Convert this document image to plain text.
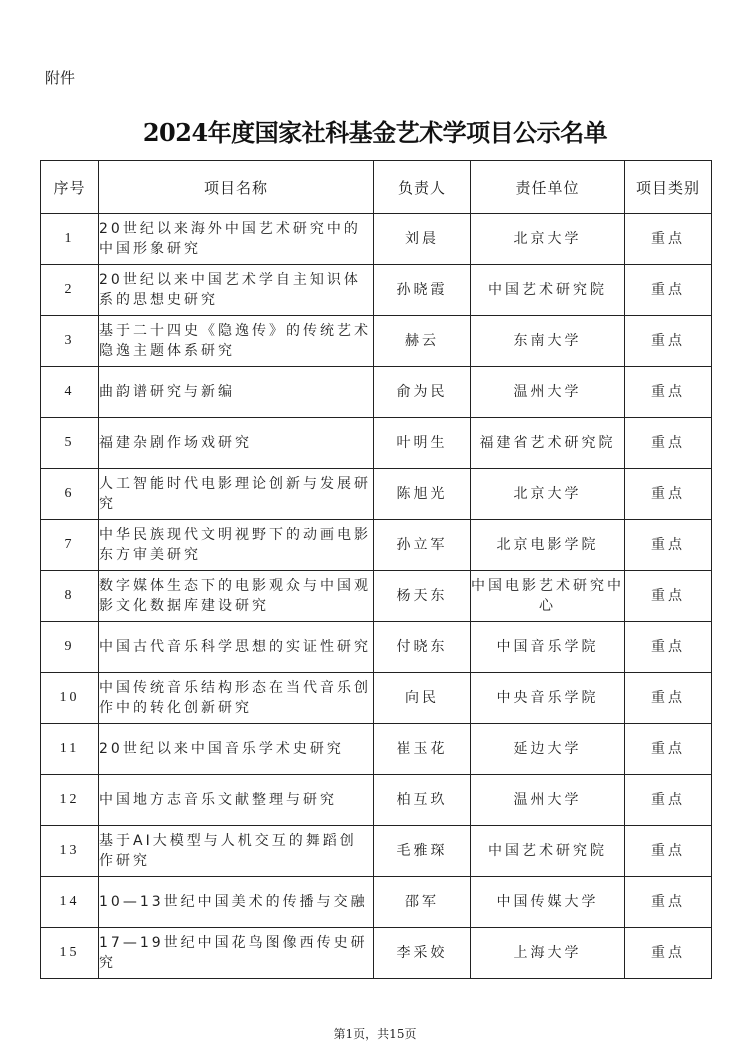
附件
2024年度国家社科基金艺术学项目公示名单
序号	项目名称	负责人	责任单位	项目类别
1	20世纪以来海外中国艺术研究中的中国形象研究	刘晨	北京大学	重点
2	20世纪以来中国艺术学自主知识体系的思想史研究	孙晓霞	中国艺术研究院	重点
3	基于二十四史《隐逸传》的传统艺术隐逸主题体系研究	赫云	东南大学	重点
4	曲韵谱研究与新编	俞为民	温州大学	重点
5	福建杂剧作场戏研究	叶明生	福建省艺术研究院	重点
6	人工智能时代电影理论创新与发展研究	陈旭光	北京大学	重点
7	中华民族现代文明视野下的动画电影东方审美研究	孙立军	北京电影学院	重点
8	数字媒体生态下的电影观众与中国观影文化数据库建设研究	杨天东	中国电影艺术研究中心	重点
9	中国古代音乐科学思想的实证性研究	付晓东	中国音乐学院	重点
10	中国传统音乐结构形态在当代音乐创作中的转化创新研究	向民	中央音乐学院	重点
11	20世纪以来中国音乐学术史研究	崔玉花	延边大学	重点
12	中国地方志音乐文献整理与研究	柏互玖	温州大学	重点
13	基于AI大模型与人机交互的舞蹈创作研究	毛雅琛	中国艺术研究院	重点
14	10—13世纪中国美术的传播与交融	邵军	中国传媒大学	重点
15	17—19世纪中国花鸟图像西传史研究	李采姣	上海大学	重点
第1页，共15页
